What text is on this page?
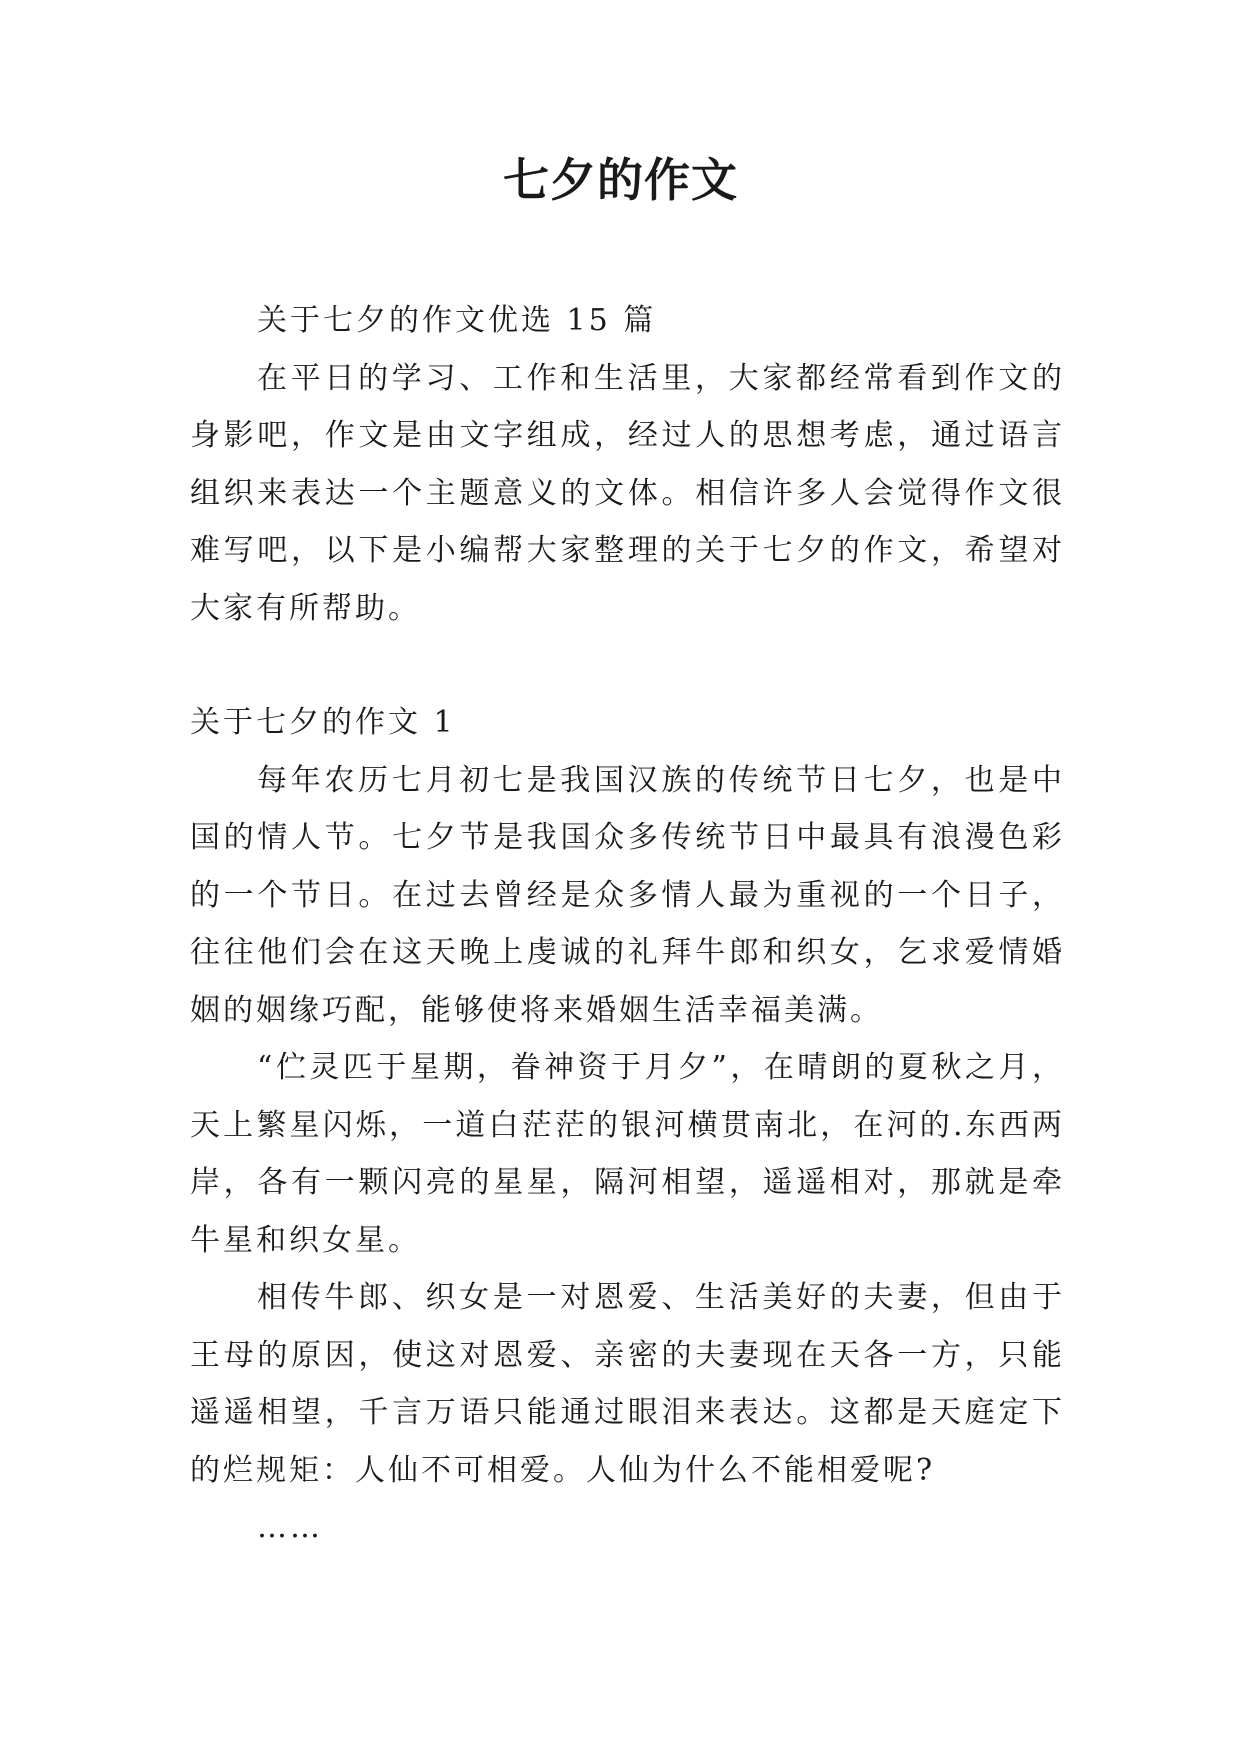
七夕的作文

关于七夕的作文优选 15 篇

在平日的学习、工作和生活里，大家都经常看到作文的身影吧，作文是由文字组成，经过人的思想考虑，通过语言组织来表达一个主题意义的文体。相信许多人会觉得作文很难写吧，以下是小编帮大家整理的关于七夕的作文，希望对大家有所帮助。

关于七夕的作文 1

每年农历七月初七是我国汉族的传统节日七夕，也是中国的情人节。七夕节是我国众多传统节日中最具有浪漫色彩的一个节日。在过去曾经是众多情人最为重视的一个日子，往往他们会在这天晚上虔诚的礼拜牛郎和织女，乞求爱情婚姻的姻缘巧配，能够使将来婚姻生活幸福美满。

“伫灵匹于星期，眷神资于月夕”，在晴朗的夏秋之月，天上繁星闪烁，一道白茫茫的银河横贯南北，在河的.东西两岸，各有一颗闪亮的星星，隔河相望，遥遥相对，那就是牵牛星和织女星。

相传牛郎、织女是一对恩爱、生活美好的夫妻，但由于王母的原因，使这对恩爱、亲密的夫妻现在天各一方，只能遥遥相望，千言万语只能通过眼泪来表达。这都是天庭定下的烂规矩：人仙不可相爱。人仙为什么不能相爱呢?

……
